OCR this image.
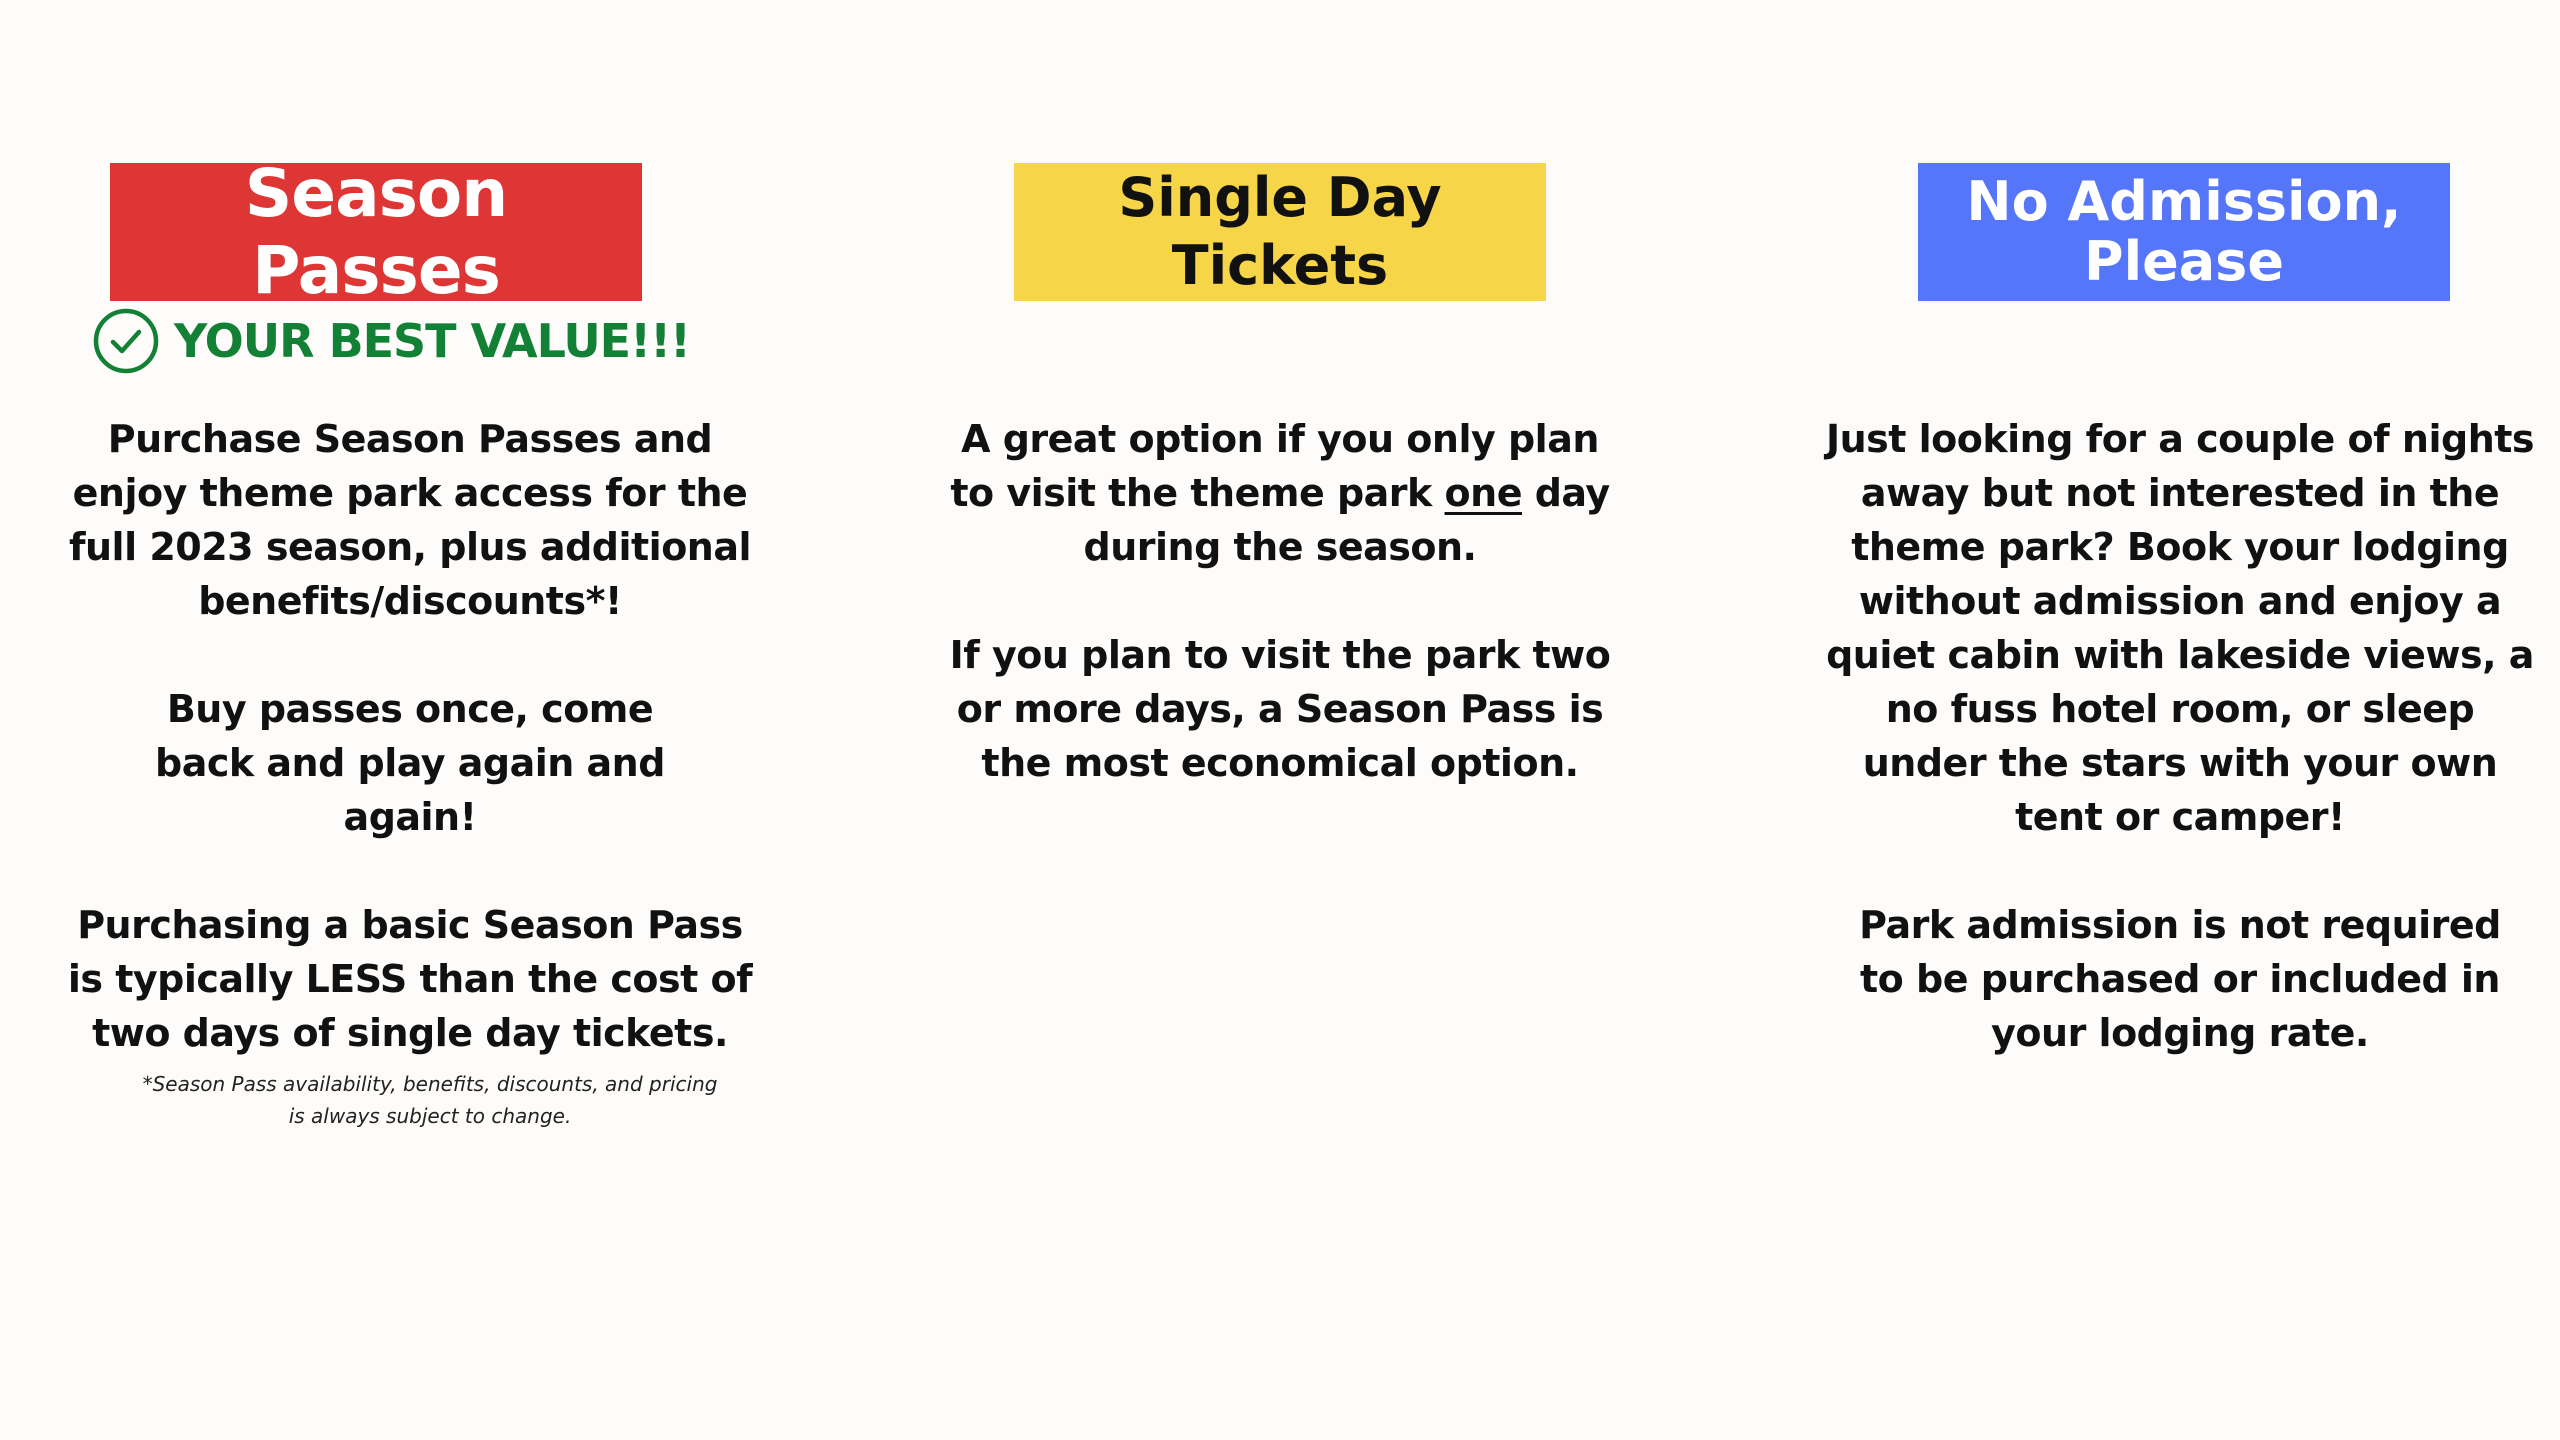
Season Passes
YOUR BEST VALUE!!!

Purchase Season Passes and enjoy theme park access for the full 2023 season, plus additional benefits/discounts*!

Buy passes once, come back and play again and again!

Purchasing a basic Season Pass is typically LESS than the cost of two days of single day tickets.

*Season Pass availability, benefits, discounts, and pricing
is always subject to change.
Single Day
Tickets

A great option if you only plan to visit the theme park one day during the season.

If you plan to visit the park two or more days, a Season Pass is the most economical option.

No Admission,
Please

Just looking for a couple of nights away but not interested in the theme park? Book your lodging without admission and enjoy a quiet cabin with lakeside views, a no fuss hotel room, or sleep under the stars with your own tent or camper!

Park admission is not required to be purchased or included in your lodging rate.
